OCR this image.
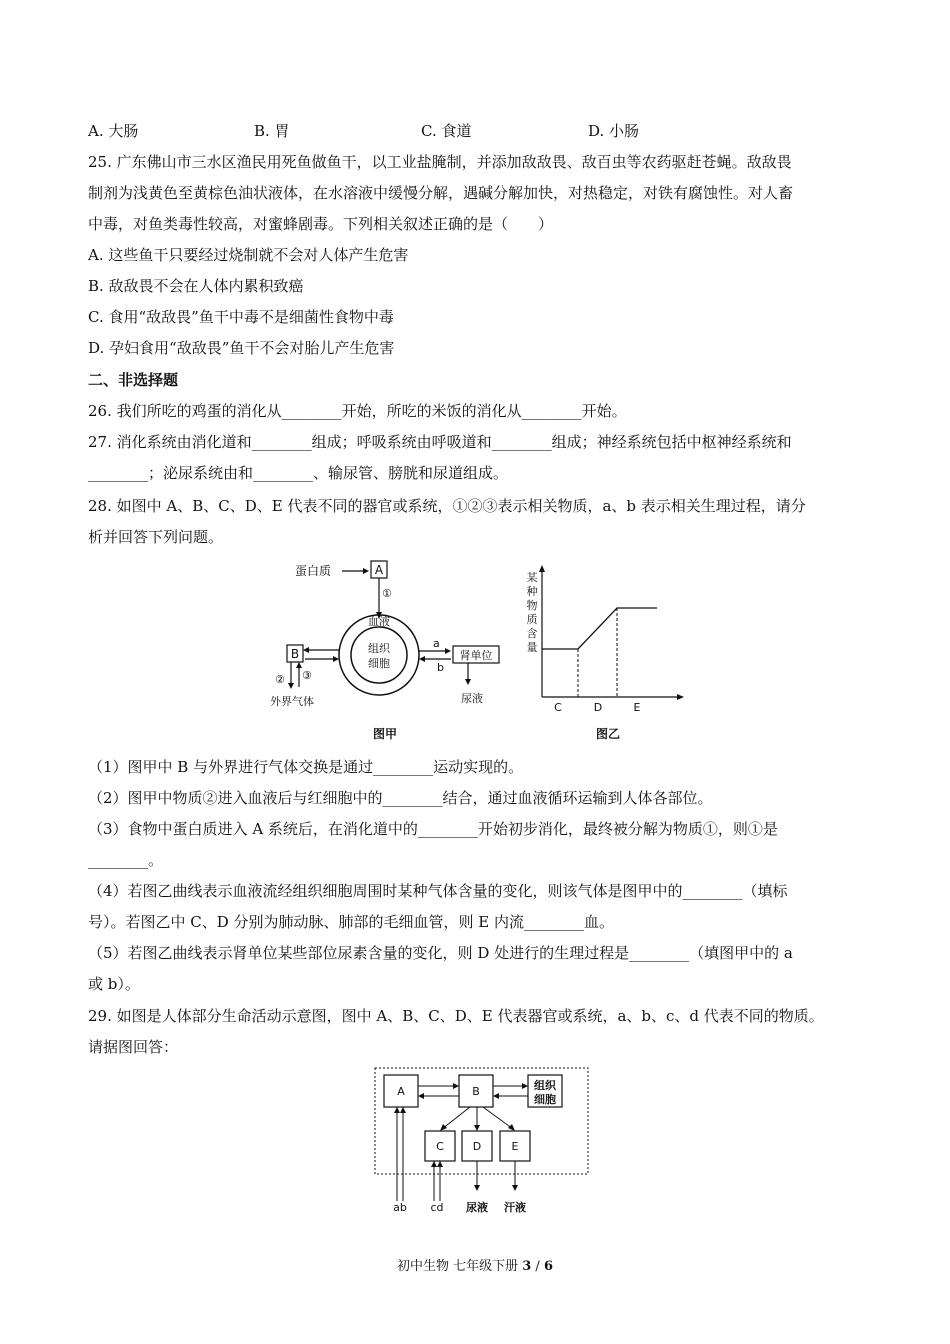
A. 大肠	B. 胃	C. 食道	D. 小肠
25. 广东佛山市三水区渔民用死鱼做鱼干，以工业盐腌制，并添加敌敌畏、敌百虫等农药驱赶苍蝇。敌敌畏
制剂为浅黄色至黄棕色油状液体，在水溶液中缓慢分解，遇碱分解加快，对热稳定，对铁有腐蚀性。对人畜
中毒，对鱼类毒性较高，对蜜蜂剧毒。下列相关叙述正确的是（　　）
A. 这些鱼干只要经过烧制就不会对人体产生危害
B. 敌敌畏不会在人体内累积致癌
C. 食用“敌敌畏”鱼干中毒不是细菌性食物中毒
D. 孕妇食用“敌敌畏”鱼干不会对胎儿产生危害
二、非选择题
26. 我们所吃的鸡蛋的消化从________开始，所吃的米饭的消化从________开始。
27. 消化系统由消化道和________组成；呼吸系统由呼吸道和________组成；神经系统包括中枢神经系统和
________；泌尿系统由和________、输尿管、膀胱和尿道组成。
28. 如图中 A、B、C、D、E 代表不同的器官或系统，①②③表示相关物质，a、b 表示相关生理过程，请分
析并回答下列问题。
蛋白质	A
①
血液
组织
细胞
B
② ③
外界气体
a
b
肾单位
尿液
图甲
某
种
物
质
含
量
C	D	E
图乙
（1）图甲中 B 与外界进行气体交换是通过________运动实现的。
（2）图甲中物质②进入血液后与红细胞中的________结合，通过血液循环运输到人体各部位。
（3）食物中蛋白质进入 A 系统后，在消化道中的________开始初步消化，最终被分解为物质①，则①是
________。
（4）若图乙曲线表示血液流经组织细胞周围时某种气体含量的变化，则该气体是图甲中的________（填标
号）。若图乙中 C、D 分别为肺动脉、肺部的毛细血管，则 E 内流________血。
（5）若图乙曲线表示肾单位某些部位尿素含量的变化，则 D 处进行的生理过程是________（填图甲中的 a
或 b）。
29. 如图是人体部分生命活动示意图，图中 A、B、C、D、E 代表器官或系统，a、b、c、d 代表不同的物质。
请据图回答：
A	B	组织
细胞
C	D	E
ab cd 尿液 汗液
初中生物 七年级下册 3 / 6
